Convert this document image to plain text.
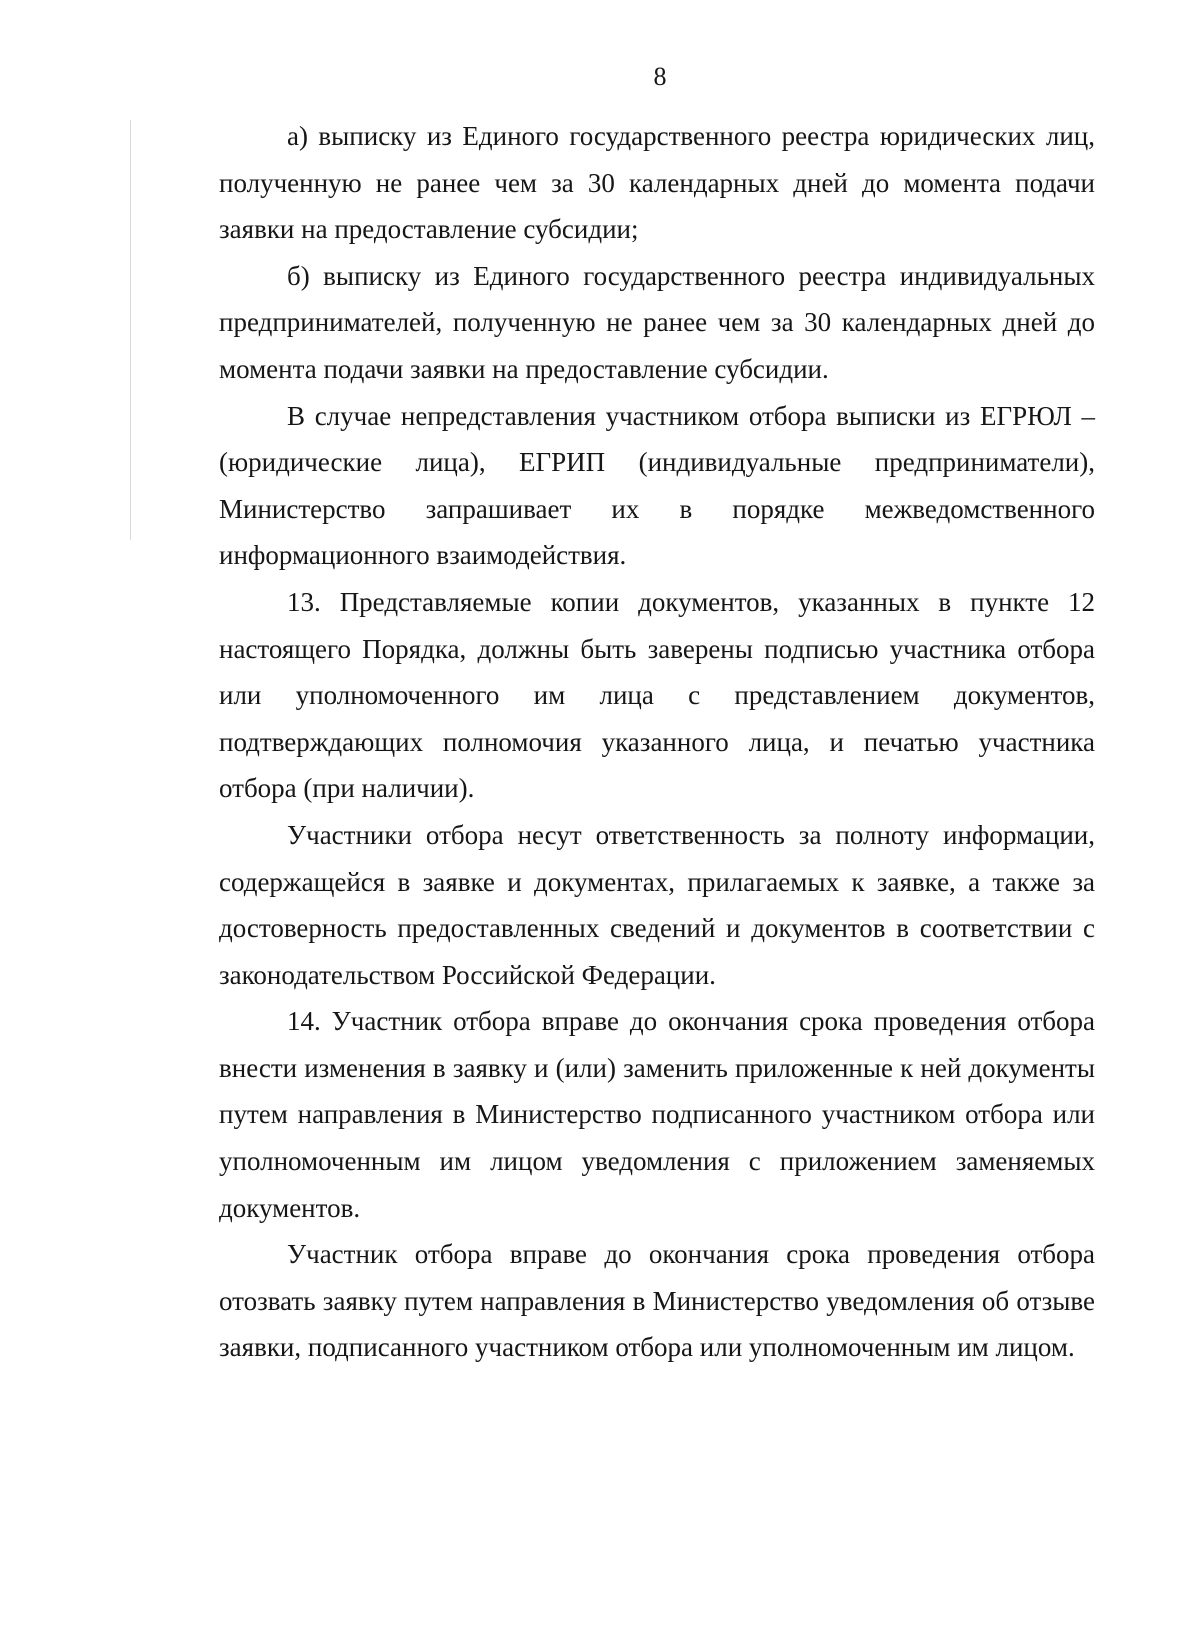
8

а) выписку из Единого государственного реестра юридических лиц, полученную не ранее чем за 30 календарных дней до момента подачи заявки на предоставление субсидии;

б) выписку из Единого государственного реестра индивидуальных предпринимателей, полученную не ранее чем за 30 календарных дней до момента подачи заявки на предоставление субсидии.

В случае непредставления участником отбора выписки из ЕГРЮЛ – (юридические лица), ЕГРИП (индивидуальные предприниматели), Министерство запрашивает их в порядке межведомственного информационного взаимодействия.

13. Представляемые копии документов, указанных в пункте 12 настоящего Порядка, должны быть заверены подписью участника отбора или уполномоченного им лица с представлением документов, подтверждающих полномочия указанного лица, и печатью участника отбора (при наличии).

Участники отбора несут ответственность за полноту информации, содержащейся в заявке и документах, прилагаемых к заявке, а также за достоверность предоставленных сведений и документов в соответствии с законодательством Российской Федерации.

14. Участник отбора вправе до окончания срока проведения отбора внести изменения в заявку и (или) заменить приложенные к ней документы путем направления в Министерство подписанного участником отбора или уполномоченным им лицом уведомления с приложением заменяемых документов.

Участник отбора вправе до окончания срока проведения отбора отозвать заявку путем направления в Министерство уведомления об отзыве заявки, подписанного участником отбора или уполномоченным им лицом.
